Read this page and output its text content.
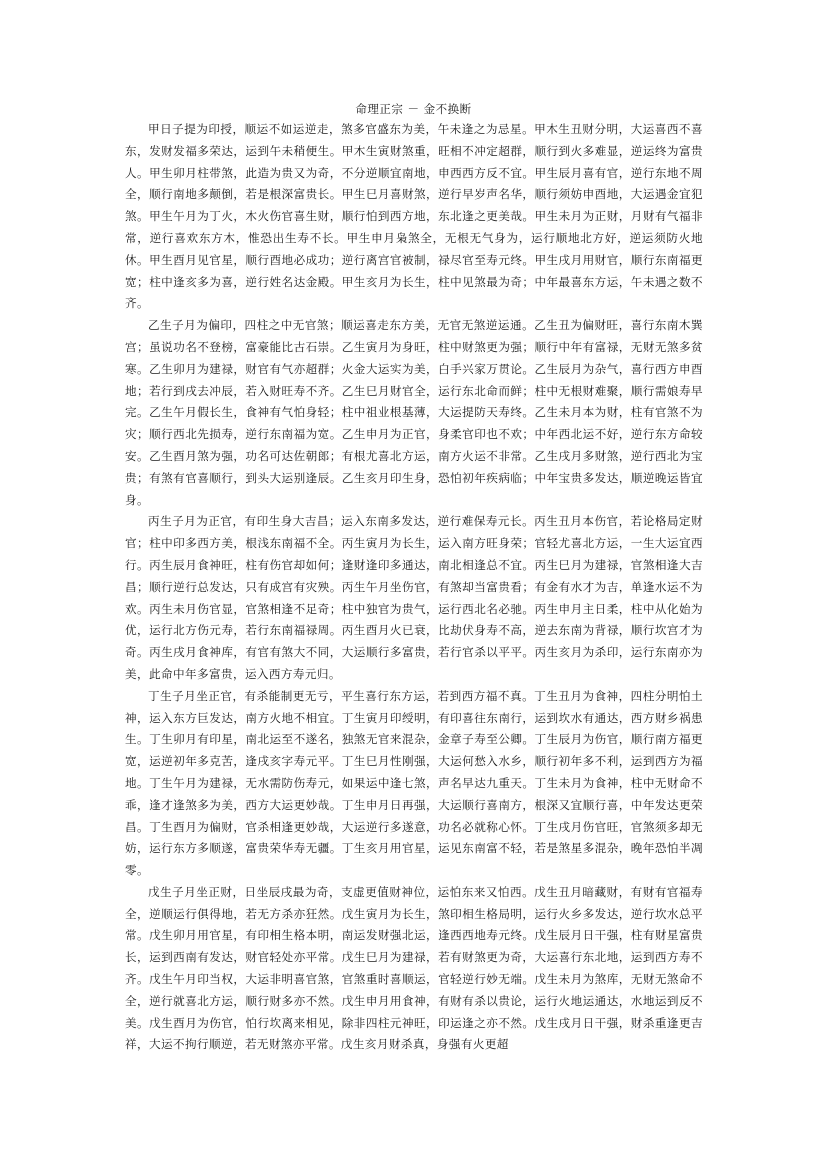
命理正宗 － 金不换断

甲日子提为印授，顺运不如运逆走，煞多官盛东为美，午未逢之为忌星。甲木生丑财分明，大运喜西不喜东，发财发福多荣达，运到午未稍便生。甲木生寅财煞重，旺相不冲定超群，顺行到火多难显，逆运终为富贵人。甲生卯月柱带煞，此造为贵又为奇，不分逆顺宜南地，申西西方反不宜。甲生辰月喜有官，逆行东地不周全，顺行南地多颠倒，若是根深富贵长。甲生巳月喜财煞，逆行早岁声名华，顺行须妨申酉地，大运遇金宜犯煞。甲生午月为丁火，木火伤官喜生财，顺行怕到西方地，东北逢之更美哉。甲生未月为正财，月财有气福非常，逆行喜欢东方木，惟恐出生寿不长。甲生申月枭煞全，无根无气身为，运行顺地北方好，逆运须防火地休。甲生酉月见官星，顺行酉地必成功；逆行离宫官被制，禄尽官至寿元终。甲生戌月用财官，顺行东南福更宽；柱中逢亥多为喜，逆行姓名达金殿。甲生亥月为长生，柱中见煞最为奇；中年最喜东方运，午未遇之数不齐。

乙生子月为偏印，四柱之中无官煞；顺运喜走东方美，无官无煞逆运通。乙生丑为偏财旺，喜行东南木巽宫；虽说功名不登榜，富豪能比古石崇。乙生寅月为身旺，柱中财煞更为强；顺行中年有富禄，无财无煞多贫寒。乙生卯月为建禄，财官有气亦超群；火金大运实为美，白手兴家万贯论。乙生辰月为杂气，喜行西方申酉地；若行到戌去冲辰，若入财旺寿不齐。乙生巳月财官全，运行东北命而鲜；柱中无根财难聚，顺行需娘寿早完。乙生午月假长生，食神有气怕身轻；柱中祖业根基薄，大运提防天寿终。乙生未月本为财，柱有官煞不为灾；顺行西北先损寿，逆行东南福为宽。乙生申月为正官，身柔官印也不欢；中年西北运不好，逆行东方命较安。乙生酉月煞为强，功名可达佐朝郎；有根尤喜北方运，南方火运不非常。乙生戌月多财煞，逆行西北为宝贵；有煞有官喜顺行，到头大运别逢辰。乙生亥月印生身，恐怕初年疾病临；中年宝贵多发达，顺逆晚运皆宜身。

丙生子月为正官，有印生身大吉昌；运入东南多发达，逆行难保寿元长。丙生丑月本伤官，若论格局定财官；柱中印多西方美，根浅东南福不全。丙生寅月为长生，运入南方旺身荣；官轻尤喜北方运，一生大运宜西行。丙生辰月食神旺，柱有伤官却如何；逢财逢印多通达，南北相逢总不宜。丙生巳月为建禄，官煞相逢大吉昌；顺行逆行总发达，只有成宫有灾殃。丙生午月坐伤官，有煞却当富贵看；有金有水才为吉，单逢水运不为欢。丙生未月伤官显，官煞相逢不足奇；柱中独官为贵气，运行西北名必驰。丙生申月主日柔，柱中从化始为优，运行北方伤元寿，若行东南福禄周。丙生酉月火已衰，比劫伏身寿不高，逆去东南为背禄，顺行坎宫才为奇。丙生戌月食神库，有官有煞大不同，大运顺行多富贵，若行官杀以平平。丙生亥月为杀印，运行东南亦为美，此命中年多富贵，运入西方寿元归。

丁生子月坐正官，有杀能制更无亏，平生喜行东方运，若到西方福不真。丁生丑月为食神，四柱分明怕土神，运入东方巨发达，南方火地不相宜。丁生寅月印绶明，有印喜往东南行，运到坎水有通达，西方财乡祸患生。丁生卯月有印星，南北运至不遂名，独煞无官来混杂，金章子寿至公卿。丁生辰月为伤官，顺行南方福更宽，运逆初年多克苦，逢戌亥字寿元平。丁生巳月性刚强，大运何愁入水乡，顺行初年多不利，运到西方为福地。丁生午月为建禄，无水需防伤寿元，如果运中逢七煞，声名早达九重天。丁生未月为食神，柱中无财命不乖，逢才逢煞多为美，西方大运更妙哉。丁生申月日再强，大运顺行喜南方，根深又宜顺行喜，中年发达更荣昌。丁生酉月为偏财，官杀相逢更妙哉，大运逆行多遂意，功名必就称心怀。丁生戌月伤官旺，官煞须多却无妨，运行东方多顺遂，富贵荣华寿无疆。丁生亥月用官星，运见东南富不轻，若是煞星多混杂，晚年恐怕半凋零。

戊生子月坐正财，日坐辰戌最为奇，支虚更值财神位，运怕东来又怕西。戊生丑月暗藏财，有财有官福寿全，逆顺运行俱得地，若无方杀亦狂然。戊生寅月为长生，煞印相生格局明，运行火乡多发达，逆行坎水总平常。戊生卯月用官星，有印相生格本明，南运发财强北运，逢西西地寿元终。戊生辰月日干强，柱有财星富贵长，运到西南有发达，财官轻处亦平常。戊生巳月为建禄，若有财煞更为奇，大运喜行东北地，运到西方寿不齐。戊生午月印当权，大运非明喜官煞，官煞重时喜顺运，官轻逆行妙无端。戊生未月为煞库，无财无煞命不全，逆行就喜北方运，顺行财多亦不然。戊生申月用食神，有财有杀以贵论，运行火地运通达，水地运到反不美。戊生酉月为伤官，怕行坎离来相见，除非四柱元神旺，印运逢之亦不然。戊生戌月日干强，财杀重逢更吉祥，大运不拘行顺逆，若无财煞亦平常。戊生亥月财杀真，身强有火更超
